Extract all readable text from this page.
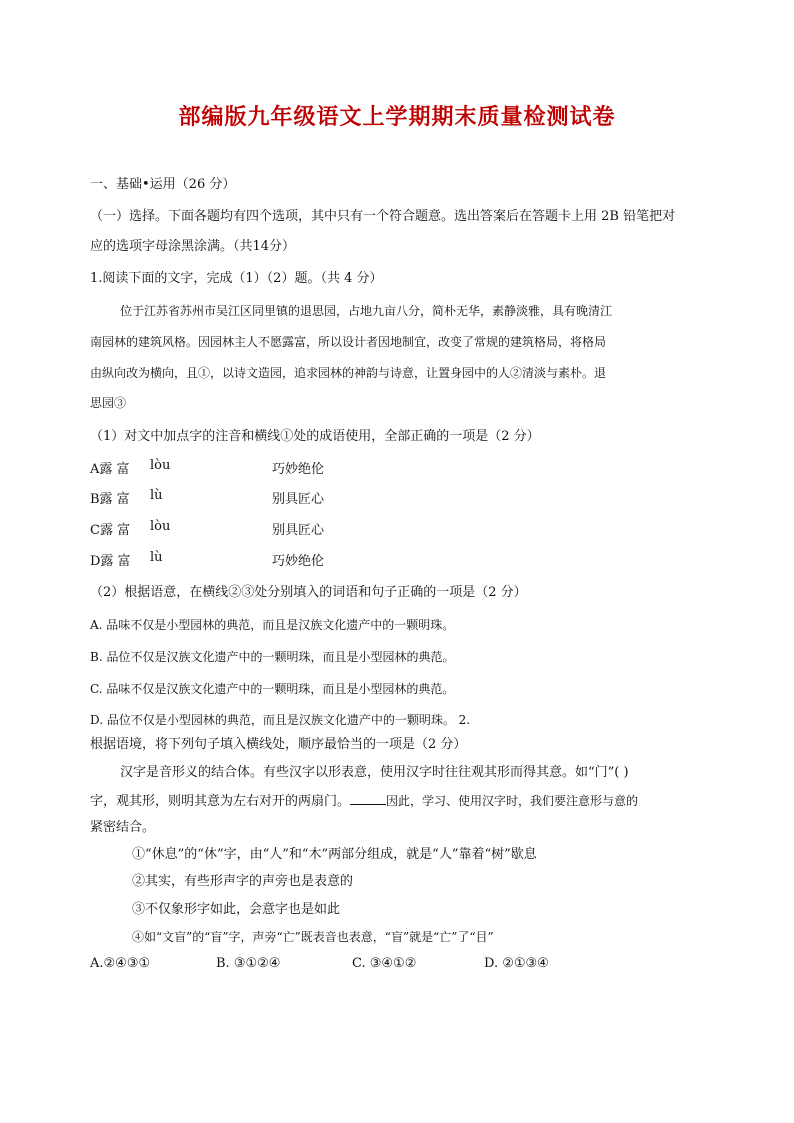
部编版九年级语文上学期期末质量检测试卷
一、基础•运用（26 分）
（一）选择。下面各题均有四个选项，其中只有一个符合题意。选出答案后在答题卡上用 2B 铅笔把对
应的选项字母涂黑涂满。（共14分）
1.阅读下面的文字，完成（1）（2）题。（共 4 分）
位于江苏省苏州市吴江区同里镇的退思园，占地九亩八分，简朴无华，素静淡雅，具有晚清江
南园林的建筑风格。因园林主人不愿露富，所以设计者因地制宜，改变了常规的建筑格局，将格局
由纵向改为横向，且①，以诗文造园，追求园林的神韵与诗意，让置身园中的人②清淡与素朴。退
思园③
（1）对文中加点字的注音和横线①处的成语使用，全部正确的一项是（2 分）
A露 富 lòu	巧妙绝伦
B露 富 lù	别具匠心
C露 富 lòu	别具匠心
D露 富 lù	巧妙绝伦
（2）根据语意，在横线②③处分别填入的词语和句子正确的一项是（2 分）
A. 品味不仅是小型园林的典范，而且是汉族文化遗产中的一颗明珠。
B. 品位不仅是汉族文化遗产中的一颗明珠，而且是小型园林的典范。
C. 品味不仅是汉族文化遗产中的一颗明珠，而且是小型园林的典范。
D. 品位不仅是小型园林的典范，而且是汉族文化遗产中的一颗明珠。 2.
根据语境，将下列句子填入横线处，顺序最恰当的一项是（2 分）
汉字是音形义的结合体。有些汉字以形表意，使用汉字时往往观其形而得其意。如“门”( )
字，观其形，则明其意为左右对开的两扇门。	因此，学习、使用汉字时，我们要注意形与意的
紧密结合。
①“休息”的“休”字，由“人”和“木”两部分组成，就是“人”靠着“树”歇息
②其实，有些形声字的声旁也是表意的
③不仅象形字如此，会意字也是如此
④如“文盲”的“盲”字，声旁“亡”既表音也表意，“盲”就是“亡”了“目”
A.②④③①	B. ③①②④	C. ③④①②	D. ②①③④
